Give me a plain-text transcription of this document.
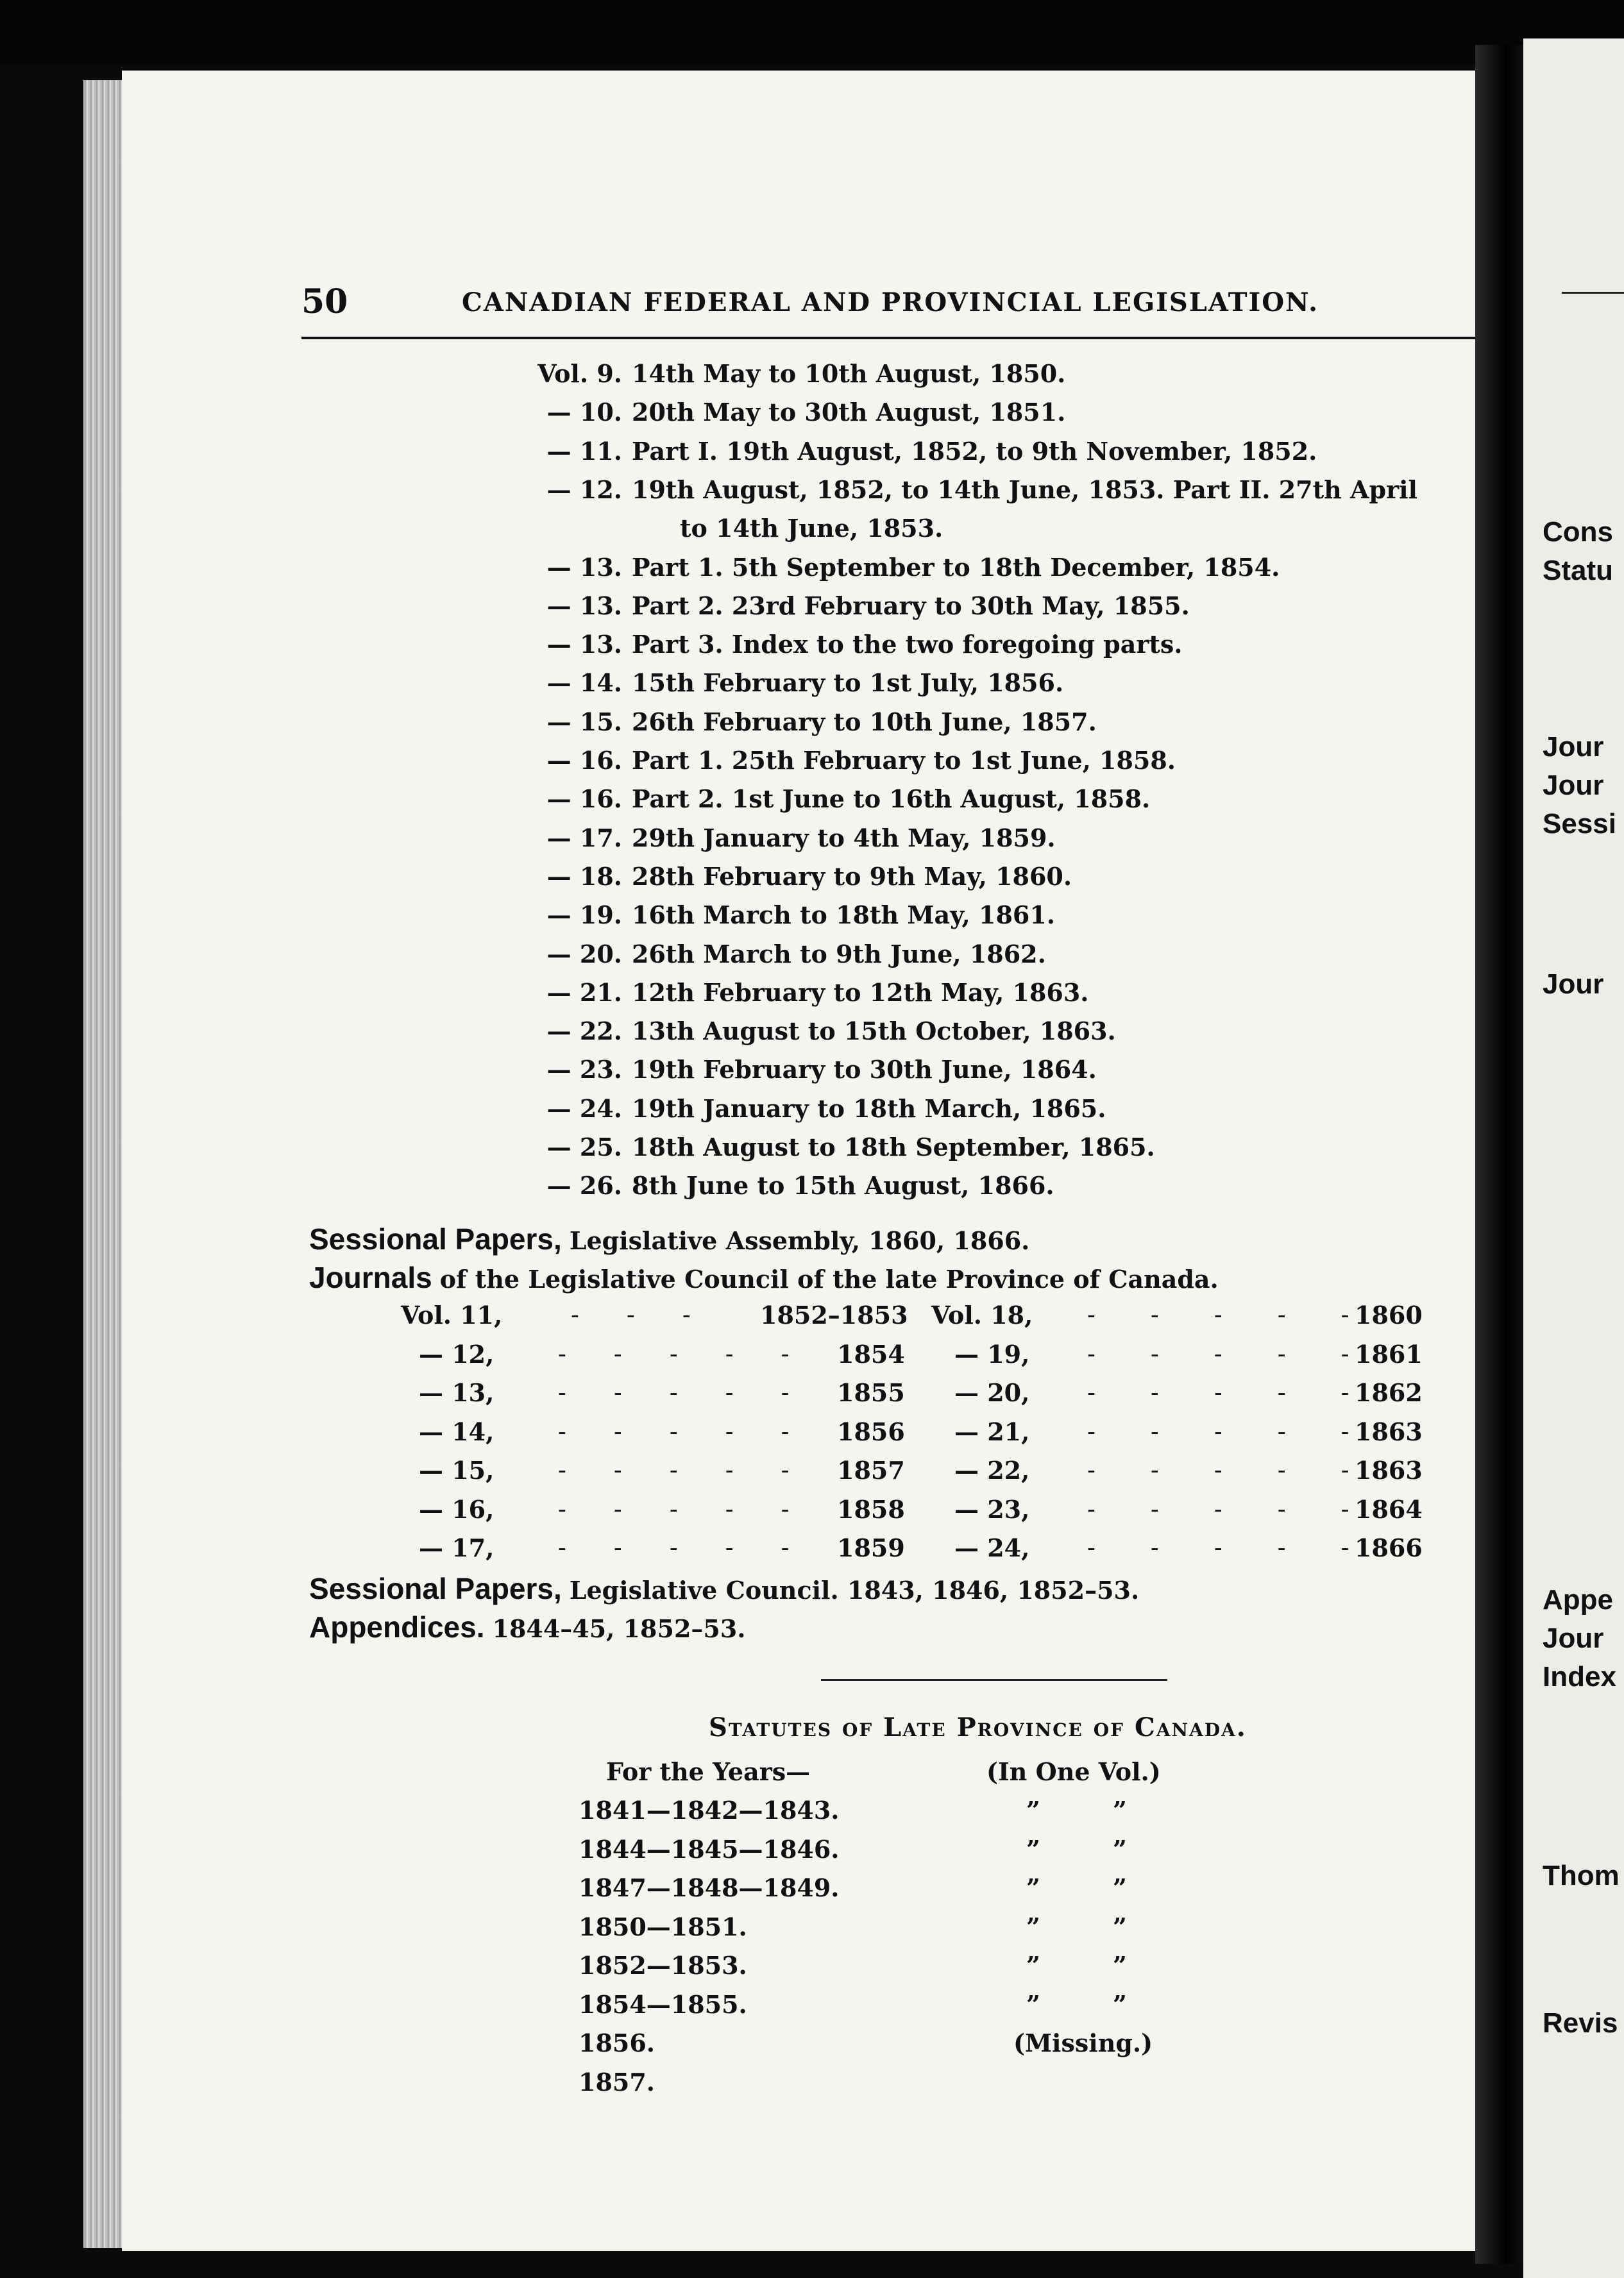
50	CANADIAN FEDERAL AND PROVINCIAL LEGISLATION.
Vol. 9. 14th May to 10th August, 1850.
— 10. 20th May to 30th August, 1851.
— 11. Part I. 19th August, 1852, to 9th November, 1852.
— 12. 19th August, 1852, to 14th June, 1853. Part II. 27th April
to 14th June, 1853.
— 13. Part 1. 5th September to 18th December, 1854.
— 13. Part 2. 23rd February to 30th May, 1855.
— 13. Part 3. Index to the two foregoing parts.
— 14. 15th February to 1st July, 1856.
— 15. 26th February to 10th June, 1857.
— 16. Part 1. 25th February to 1st June, 1858.
— 16. Part 2. 1st June to 16th August, 1858.
— 17. 29th January to 4th May, 1859.
— 18. 28th February to 9th May, 1860.
— 19. 16th March to 18th May, 1861.
— 20. 26th March to 9th June, 1862.
— 21. 12th February to 12th May, 1863.
— 22. 13th August to 15th October, 1863.
— 23. 19th February to 30th June, 1864.
— 24. 19th January to 18th March, 1865.
— 25. 18th August to 18th September, 1865.
— 26. 8th June to 15th August, 1866.
Sessional Papers, Legislative Assembly, 1860, 1866.
Journals of the Legislative Council of the late Province of Canada.
Vol. 11,	- - -	1852–1853 Vol. 18, - - - - - 1860
— 12,	- - - - - 1854 — 19, - - - - - 1861
— 13,	- - - - - 1855 — 20, - - - - - 1862
— 14,	- - - - - 1856 — 21, - - - - - 1863
— 15,	- - - - - 1857 — 22, - - - - - 1863
— 16,	- - - - - 1858 — 23, - - - - - 1864
— 17,	- - - - - 1859 — 24, - - - - - 1866
Sessional Papers, Legislative Council. 1843, 1846, 1852–53.
Appendices. 1844–45, 1852–53.
Statutes of Late Province of Canada.
For the Years—	(In One Vol.)
1841—1842—1843.	”	”
1844—1845—1846.	”	”
1847—1848—1849.	”	”
1850—1851.	”	”
1852—1853.	”	”
1854—1855.	”	”
1856.	(Missing.)
1857.
Cons
Statu
Jour
Jour
Sessi
Jour
Appe
Jour
Index
Thom
Revis
